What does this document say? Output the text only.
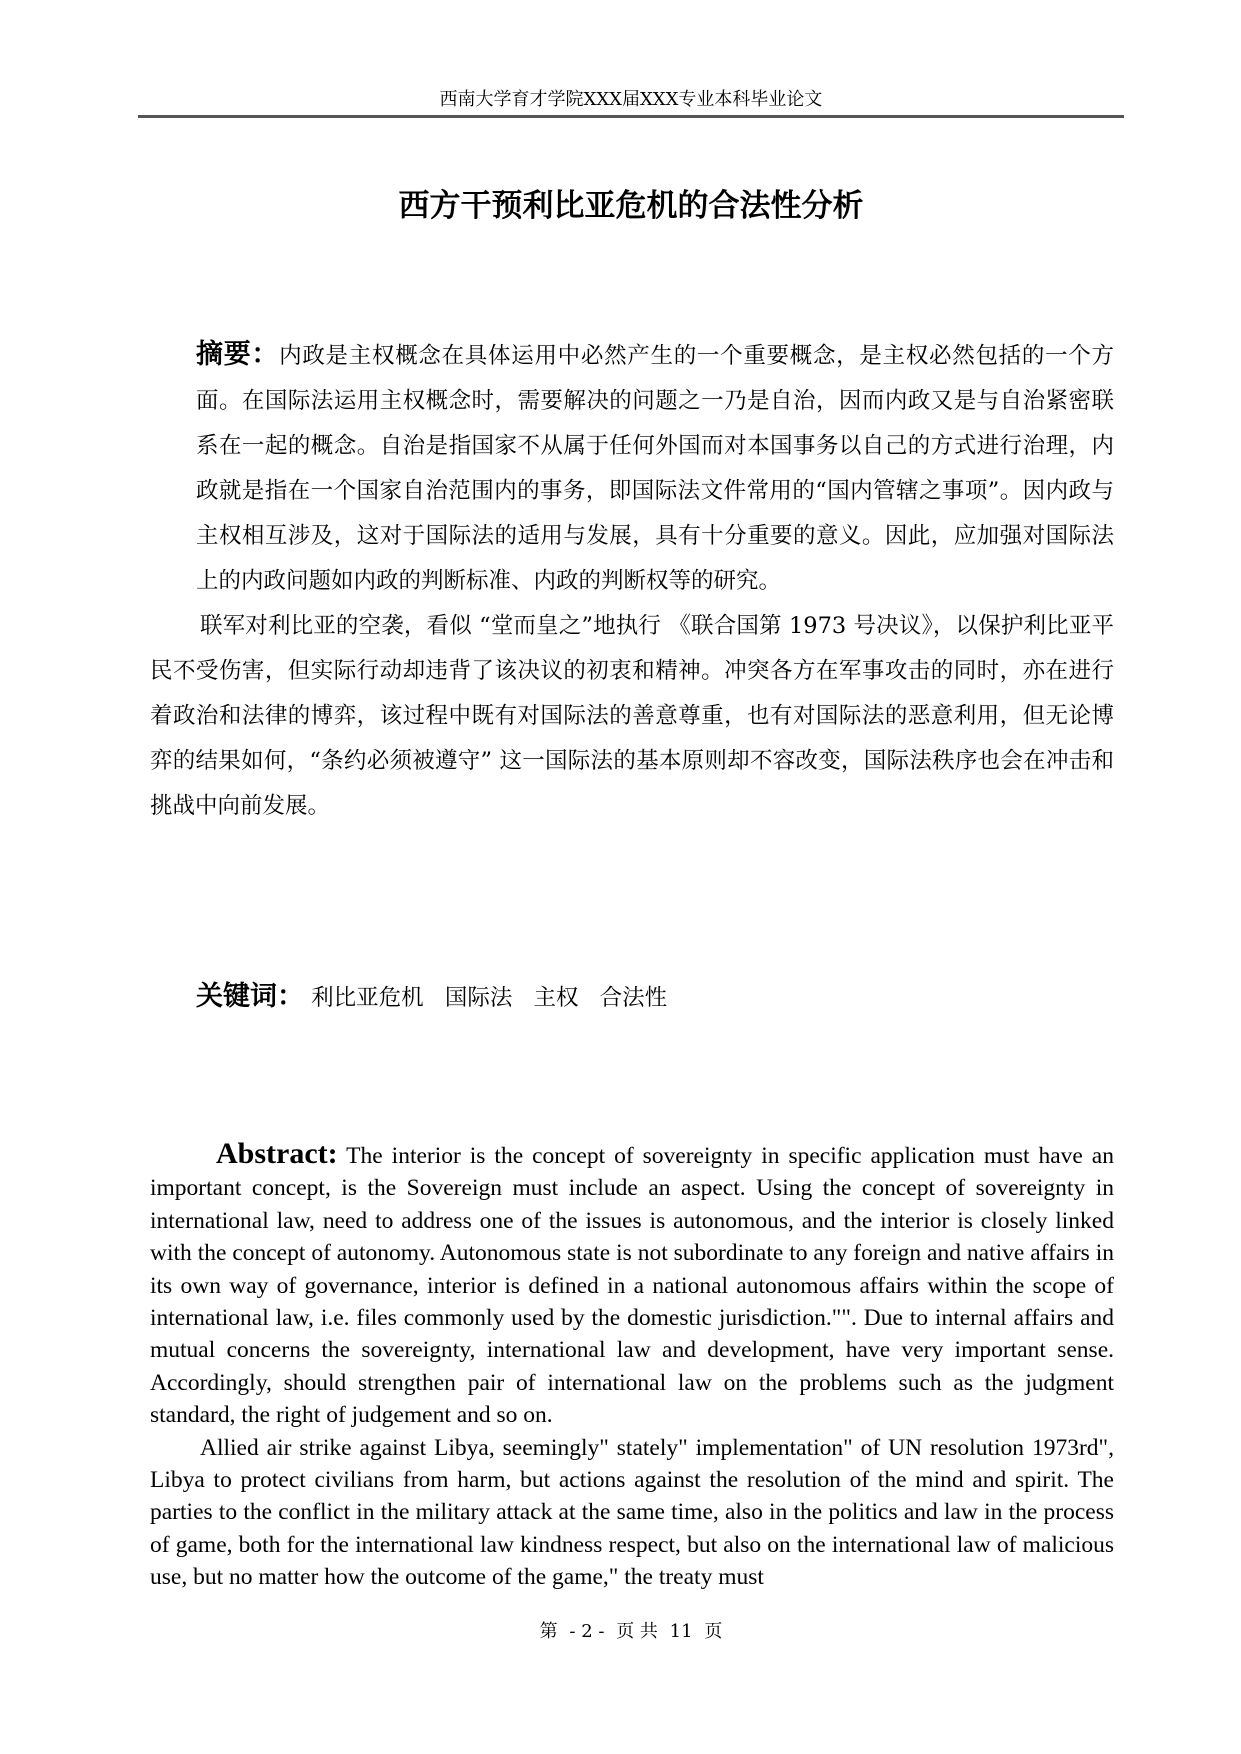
西南大学育才学院XXX届XXX专业本科毕业论文
西方干预利比亚危机的合法性分析

摘要：内政是主权概念在具体运用中必然产生的一个重要概念，是主权必然包括的一个方面。在国际法运用主权概念时，需要解决的问题之一乃是自治，因而内政又是与自治紧密联系在一起的概念。自治是指国家不从属于任何外国而对本国事务以自己的方式进行治理，内政就是指在一个国家自治范围内的事务，即国际法文件常用的“国内管辖之事项”。因内政与主权相互涉及，这对于国际法的适用与发展，具有十分重要的意义。因此，应加强对国际法上的内政问题如内政的判断标准、内政的判断权等的研究。

联军对利比亚的空袭，看似 “堂而皇之”地执行 《联合国第 1973 号决议》，以保护利比亚平民不受伤害，但实际行动却违背了该决议的初衷和精神。冲突各方在军事攻击的同时，亦在进行着政治和法律的博弈，该过程中既有对国际法的善意尊重，也有对国际法的恶意利用，但无论博弈的结果如何，“条约必须被遵守” 这一国际法的基本原则却不容改变，国际法秩序也会在冲击和挑战中向前发展。

关键词： 利比亚危机 国际法 主权 合法性

Abstract: The interior is the concept of sovereignty in specific application must have an important concept, is the Sovereign must include an aspect. Using the concept of sovereignty in international law, need to address one of the issues is autonomous, and the interior is closely linked with the concept of autonomy. Autonomous state is not subordinate to any foreign and native affairs in its own way of governance, interior is defined in a national autonomous affairs within the scope of international law, i.e. files commonly used by the domestic jurisdiction."". Due to internal affairs and mutual concerns the sovereignty, international law and development, have very important sense. Accordingly, should strengthen pair of international law on the problems such as the judgment standard, the right of judgement and so on.

Allied air strike against Libya, seemingly" stately" implementation" of UN resolution 1973rd", Libya to protect civilians from harm, but actions against the resolution of the mind and spirit. The parties to the conflict in the military attack at the same time, also in the politics and law in the process of game, both for the international law kindness respect, but also on the international law of malicious use, but no matter how the outcome of the game," the treaty must

第 - 2 - 页 共 11 页
